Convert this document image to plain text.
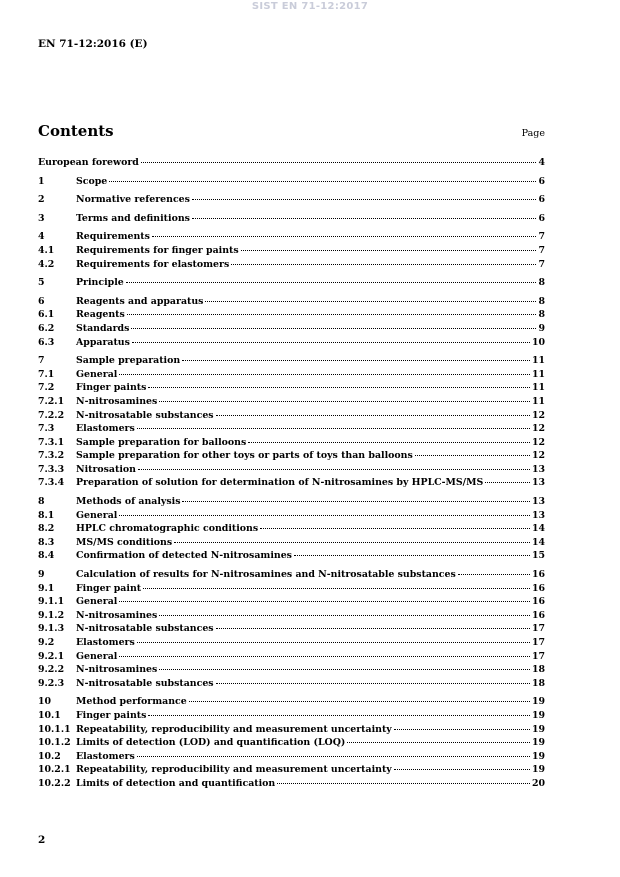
SIST EN 71-12:2017
EN 71-12:2016 (E)
Contents	Page
European foreword	4
1	Scope	6
2	Normative references	6
3	Terms and definitions	6
4	Requirements	7
4.1	Requirements for finger paints	7
4.2	Requirements for elastomers	7
5	Principle	8
6	Reagents and apparatus	8
6.1	Reagents	8
6.2	Standards	9
6.3	Apparatus	10
7	Sample preparation	11
7.1	General	11
7.2	Finger paints	11
7.2.1	N-nitrosamines	11
7.2.2	N-nitrosatable substances	12
7.3	Elastomers	12
7.3.1	Sample preparation for balloons	12
7.3.2	Sample preparation for other toys or parts of toys than balloons	12
7.3.3	Nitrosation	13
7.3.4	Preparation of solution for determination of N-nitrosamines by HPLC-MS/MS	13
8	Methods of analysis	13
8.1	General	13
8.2	HPLC chromatographic conditions	14
8.3	MS/MS conditions	14
8.4	Confirmation of detected N-nitrosamines	15
9	Calculation of results for N-nitrosamines and N-nitrosatable substances	16
9.1	Finger paint	16
9.1.1	General	16
9.1.2	N-nitrosamines	16
9.1.3	N-nitrosatable substances	17
9.2	Elastomers	17
9.2.1	General	17
9.2.2	N-nitrosamines	18
9.2.3	N-nitrosatable substances	18
10	Method performance	19
10.1	Finger paints	19
10.1.1 Repeatability, reproducibility and measurement uncertainty	19
10.1.2 Limits of detection (LOD) and quantification (LOQ)	19
10.2	Elastomers	19
10.2.1 Repeatability, reproducibility and measurement uncertainty	19
10.2.2 Limits of detection and quantification	20
2
